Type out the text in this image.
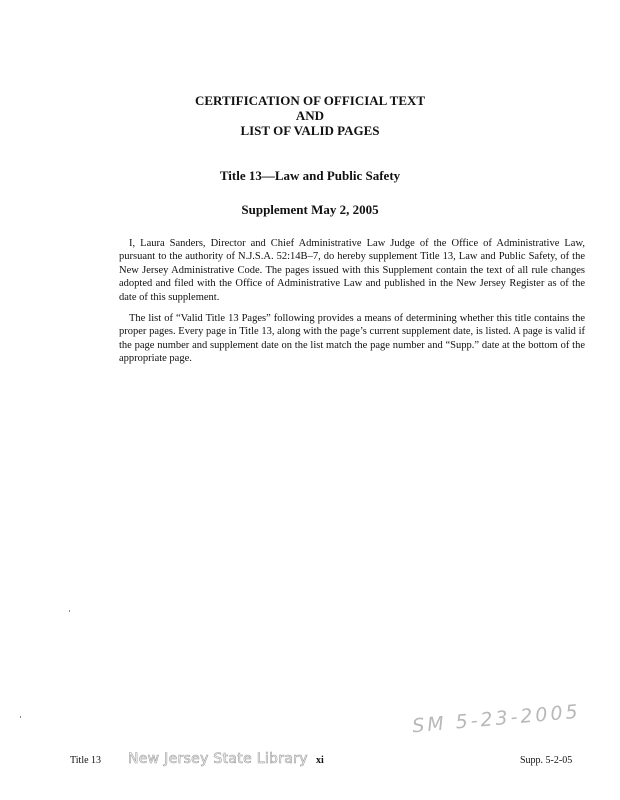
CERTIFICATION OF OFFICIAL TEXT
AND
LIST OF VALID PAGES
Title 13—Law and Public Safety
Supplement May 2, 2005

I, Laura Sanders, Director and Chief Administrative Law Judge of the Office of Administrative Law, pursuant to the authority of N.J.S.A. 52:14B–7, do hereby supplement Title 13, Law and Public Safety, of the New Jersey Administrative Code. The pages issued with this Supplement contain the text of all rule changes adopted and filed with the Office of Administrative Law and published in the New Jersey Register as of the date of this supplement.

The list of “Valid Title 13 Pages” following provides a means of determining whether this title contains the proper pages. Every page in Title 13, along with the page’s current supplement date, is listed. A page is valid if the page number and supplement date on the list match the page number and “Supp.” date at the bottom of the appropriate page.

SM 5-23-2005
Title 13 New Jersey State Library xi	Supp. 5-2-05
